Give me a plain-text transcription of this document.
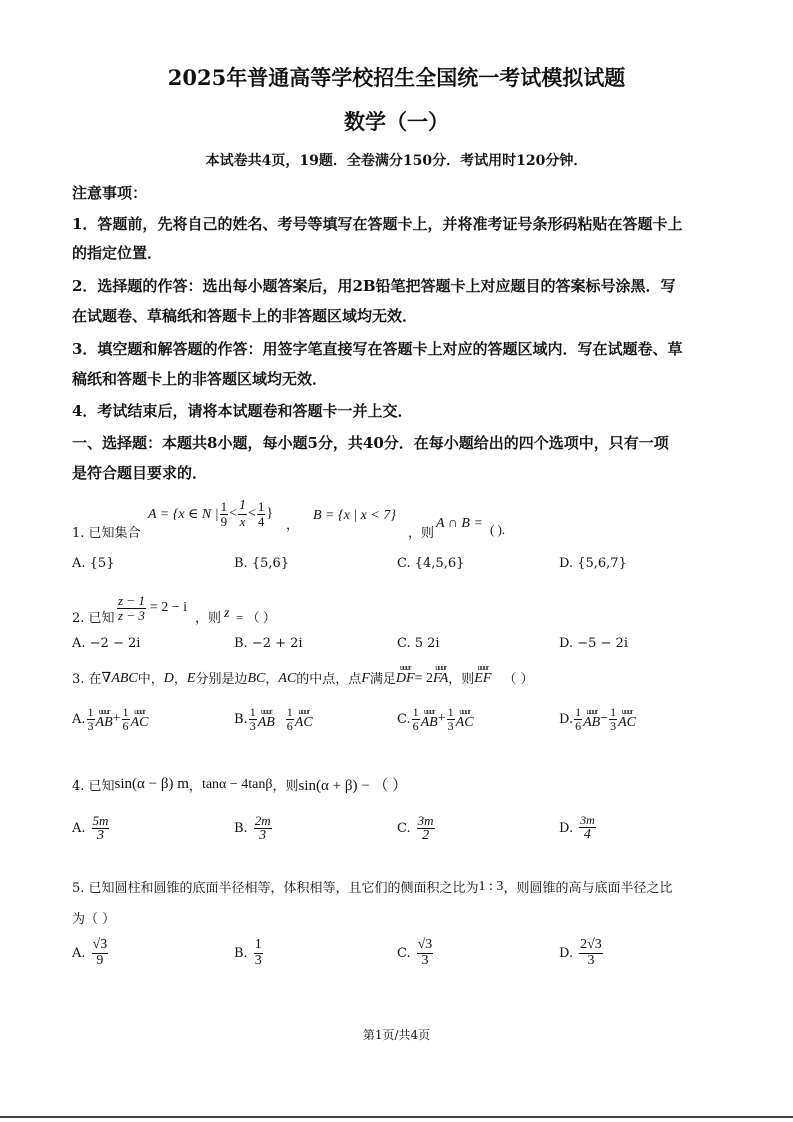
2025年普通高等学校招生全国统一考试模拟试题
数学（一）
本试卷共4页，19题．全卷满分150分．考试用时120分钟．
注意事项：
1．答题前，先将自己的姓名、考号等填写在答题卡上，并将准考证号条形码粘贴在答题卡上
的指定位置．
2．选择题的作答：选出每小题答案后，用2B铅笔把答题卡上对应题目的答案标号涂黑．写
在试题卷、草稿纸和答题卡上的非答题区域均无效．
3．填空题和解答题的作答：用签字笔直接写在答题卡上对应的答题区域内．写在试题卷、草
稿纸和答题卡上的非答题区域均无效．
4．考试结束后，请将本试题卷和答题卡一并上交．
一、选择题：本题共8小题，每小题5分，共40分．在每小题给出的四个选项中，只有一项
是符合题目要求的．
1. 已知集合
A = {x ∈ N | $\frac{1}{9} < \frac{1}{x} < \frac{1}{4}$ }
，
B = {x | x < 7}
，则
A ∩ B = ( ).
A. {5}	B. {5,6}	C. {4,5,6}	D. {5,6,7}
2. 已知 $\frac{z - 1}{z - 3} = 2 - i$
，则 z = （ ）
A. −2 − 2i	B. −2 + 2i	C. 5 2i	D. −5 − 2i
3. 在 ∇ABC 中， D ， E 分别是边 BC ， AC 的中点，点 F 满足
uuur
DF = 2
uuur
FA ，则
uuur
EF （ ）
A. $\frac{1}{3}$ uuur
AB + $\frac{1}{6}$ uuur
AC	B. $\frac{1}{3}$ uuur
AB $\frac{1}{6}$ uuur
AC	C. $\frac{1}{6}$ uuur
AB + $\frac{1}{3}$ uuur
AC	D. $\frac{1}{6}$ uuur
AB − $\frac{1}{3}$ uuur
AC
4. 已知 sin(α − β) m ， tanα − 4tanβ ，则 sin(α + β) − （ ）
A. $\frac{5m}{3}$	B. $\frac{2m}{3}$	C. $\frac{3m}{2}$	D. $\frac{3m}{4}$
5. 已知圆柱和圆锥的底面半径相等，体积相等，且它们的侧面积之比为 1 : 3 ，则圆锥的高与底面半径之比
为（ ）
A. $\frac{√3}{9}$	B. $\frac{1}{3}$	C. $\frac{√3}{3}$	D. $\frac{2√3}{3}$
第1页/共4页
